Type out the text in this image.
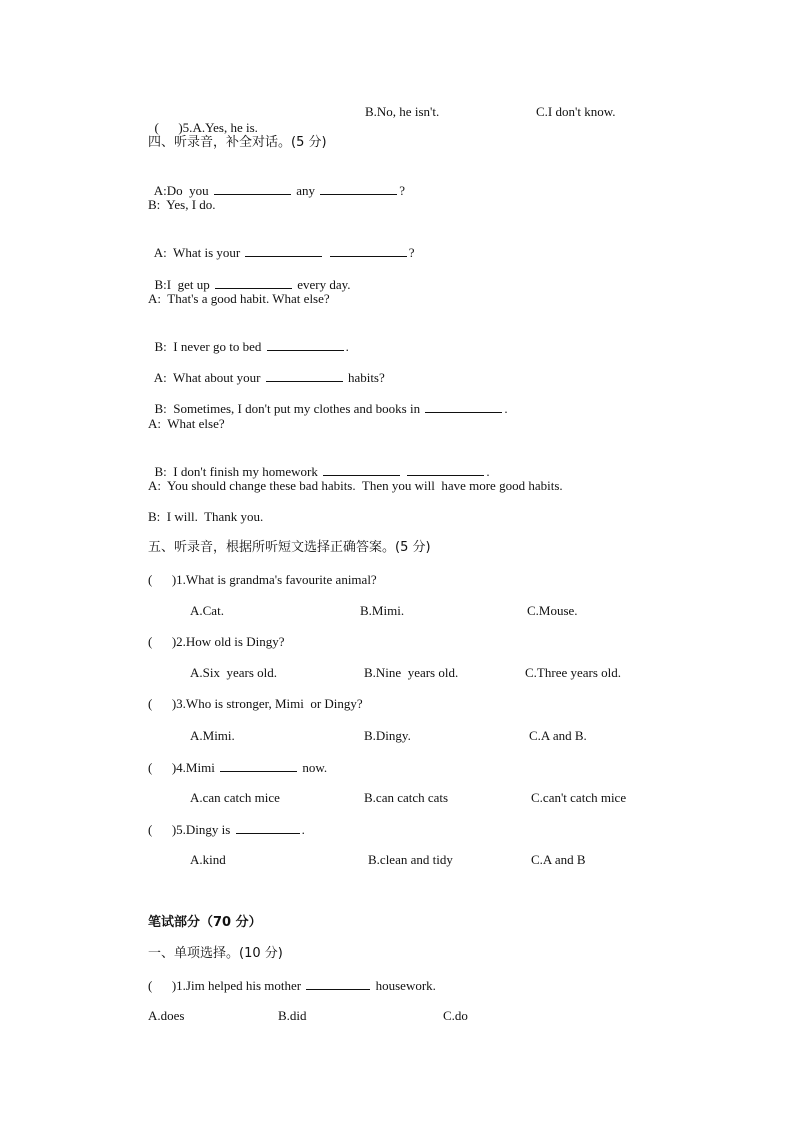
( )5.A.Yes, he is.

B.No, he isn't.	C.I don't know.
四、听录音，补全对话。(5 分)

A:Do  you	any	?

B:  Yes, I do.

A:  What is your	?

B:I  get up	every day.

A:  That's a good habit. What else?

B:  I never go to bed	.

A:  What about your	habits?

B:  Sometimes, I don't put my clothes and books in	.

A:  What else?

B:  I don't finish my homework	.

A:  You should change these bad habits.  Then you will  have more good habits.
B:  I will.  Thank you.
五、听录音，根据所听短文选择正确答案。(5 分)
( )1.What is grandma's favourite animal?
A.Cat.	B.Mimi.	C.Mouse.
( )2.How old is Dingy?
A.Six  years old.	B.Nine  years old.	C.Three years old.
( )3.Who is stronger, Mimi  or Dingy?
A.Mimi.	B.Dingy.	C.A and B.
( )4.Mimi	now.
A.can catch mice	B.can catch cats	C.can't catch mice
( )5.Dingy is	.
A.kind	B.clean and tidy	C.A and B
笔试部分（70 分）
一、单项选择。(10 分)
( )1.Jim helped his mother	housework.
A.does	B.did	C.do
